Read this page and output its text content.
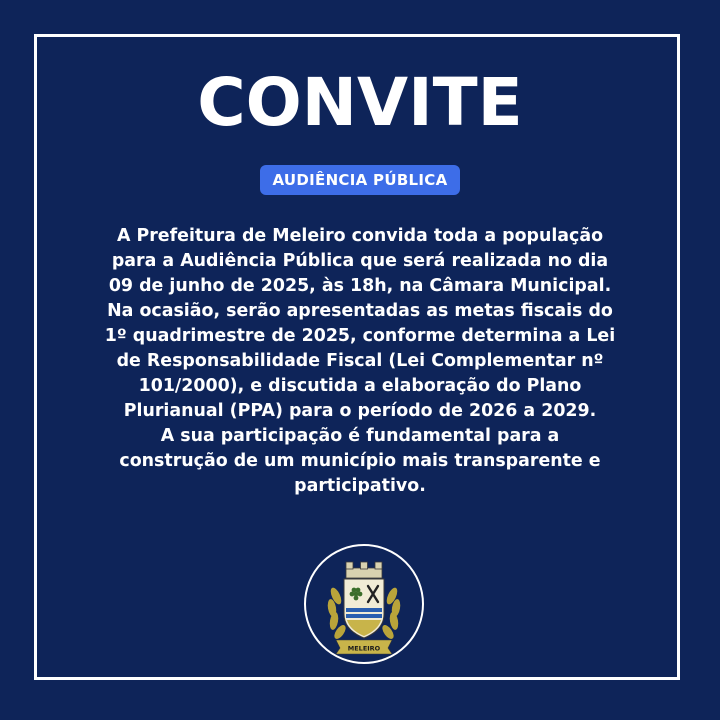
CONVITE
AUDIÊNCIA PÚBLICA
A Prefeitura de Meleiro convida toda a população
para a Audiência Pública que será realizada no dia
09 de junho de 2025, às 18h, na Câmara Municipal.
Na ocasião, serão apresentadas as metas fiscais do
1º quadrimestre de 2025, conforme determina a Lei
de Responsabilidade Fiscal (Lei Complementar nº
101/2000), e discutida a elaboração do Plano
Plurianual (PPA) para o período de 2026 a 2029.
A sua participação é fundamental para a
construção de um município mais transparente e
participativo.
MELEIRO
